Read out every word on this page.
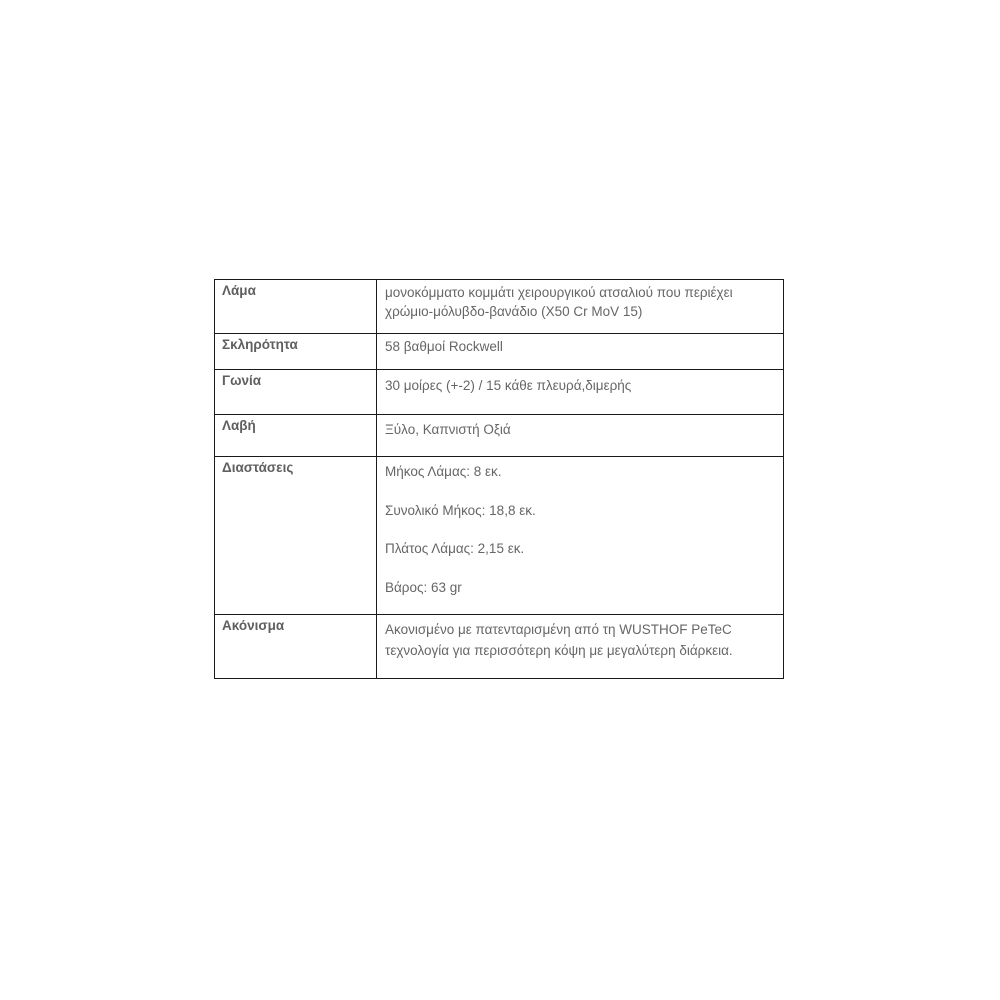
Λάμα	μονοκόμματο κομμάτι χειρουργικού ατσαλιού που περιέχει χρώμιο-μόλυβδο-βανάδιο (X50 Cr MoV 15)
Σκληρότητα	58 βαθμοί Rockwell
Γωνία	30 μοίρες (+-2) / 15 κάθε πλευρά,διμερής
Λαβή	Ξύλο, Καπνιστή Οξιά
Διαστάσεις	Μήκος Λάμας: 8 εκ.
Συνολικό Μήκος: 18,8 εκ.
Πλάτος Λάμας: 2,15 εκ.
Βάρος: 63 gr

Ακόνισμα	Ακονισμένο με πατενταρισμένη από τη WUSTHOF PeTeC τεχνολογία για περισσότερη κόψη με μεγαλύτερη διάρκεια.
